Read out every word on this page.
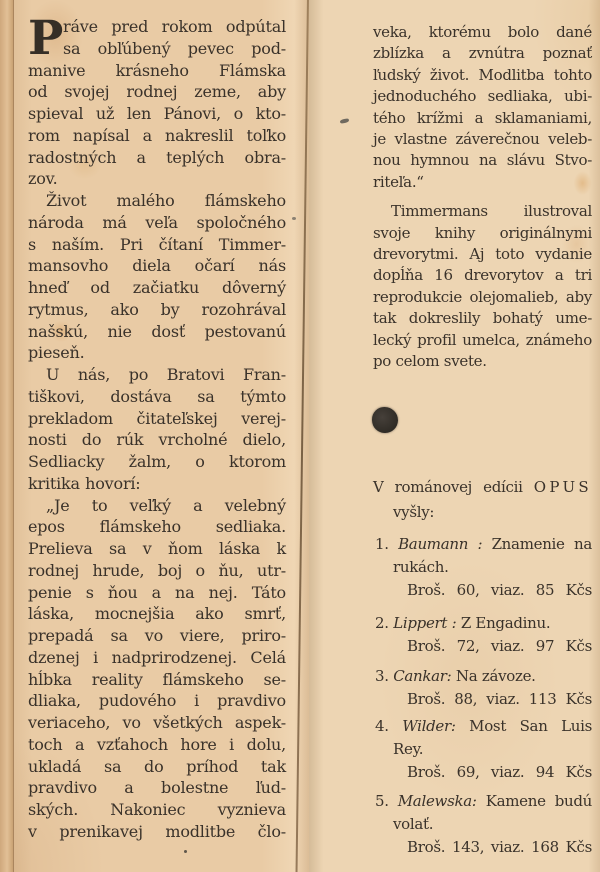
P ráve pred rokom odpútal
sa obľúbený pevec pod-
manive krásneho Flámska
od svojej rodnej zeme, aby
spieval už len Pánovi, o kto-
rom napísal a nakreslil toľko
radostných a teplých obra-
zov.
Život malého flámskeho
národa má veľa spoločného
s naším. Pri čítaní Timmer-
mansovho diela očarí nás
hneď od začiatku dôverný
rytmus, ako by rozohrával
našskú, nie dosť pestovanú
pieseň.
U nás, po Bratovi Fran-
tiškovi, dostáva sa týmto
prekladom čitateľskej verej-
nosti do rúk vrcholné dielo,
Sedliacky žalm, o ktorom
kritika hovorí:
„Je to veľký a velebný
epos flámskeho sedliaka.
Prelieva sa v ňom láska k
rodnej hrude, boj o ňu, utr-
penie s ňou a na nej. Táto
láska, mocnejšia ako smrť,
prepadá sa vo viere, priro-
dzenej i nadprirodzenej. Celá
hĺbka reality flámskeho se-
dliaka, pudového i pravdivo
veriaceho, vo všetkých aspek-
toch a vzťahoch hore i dolu,
ukladá sa do príhod tak
pravdivo a bolestne ľud-
ských. Nakoniec vyznieva
v prenikavej modlitbe člo-
veka, ktorému bolo dané
zblízka a zvnútra poznať
ľudský život. Modlitba tohto
jednoduchého sedliaka, ubi-
tého krížmi a sklamaniami,
je vlastne záverečnou veleb-
nou hymnou na slávu Stvo-
riteľa.“
Timmermans ilustroval
svoje knihy originálnymi
drevorytmi. Aj toto vydanie
dopĺňa 16 drevorytov a tri
reprodukcie olejomalieb, aby
tak dokreslily bohatý ume-
lecký profil umelca, známeho
po celom svete.
V románovej edícii OPUS
vyšly:
1. Baumann : Znamenie na
rukách.
Broš. 60, viaz. 85 Kčs
2. Lippert : Z Engadinu.
Broš. 72, viaz. 97 Kčs
3. Cankar: Na závoze.
Broš. 88, viaz. 113 Kčs
4. Wilder: Most San Luis
Rey.
Broš. 69, viaz. 94 Kčs
5. Malewska: Kamene budú
volať.
Broš. 143, viaz. 168 Kčs
